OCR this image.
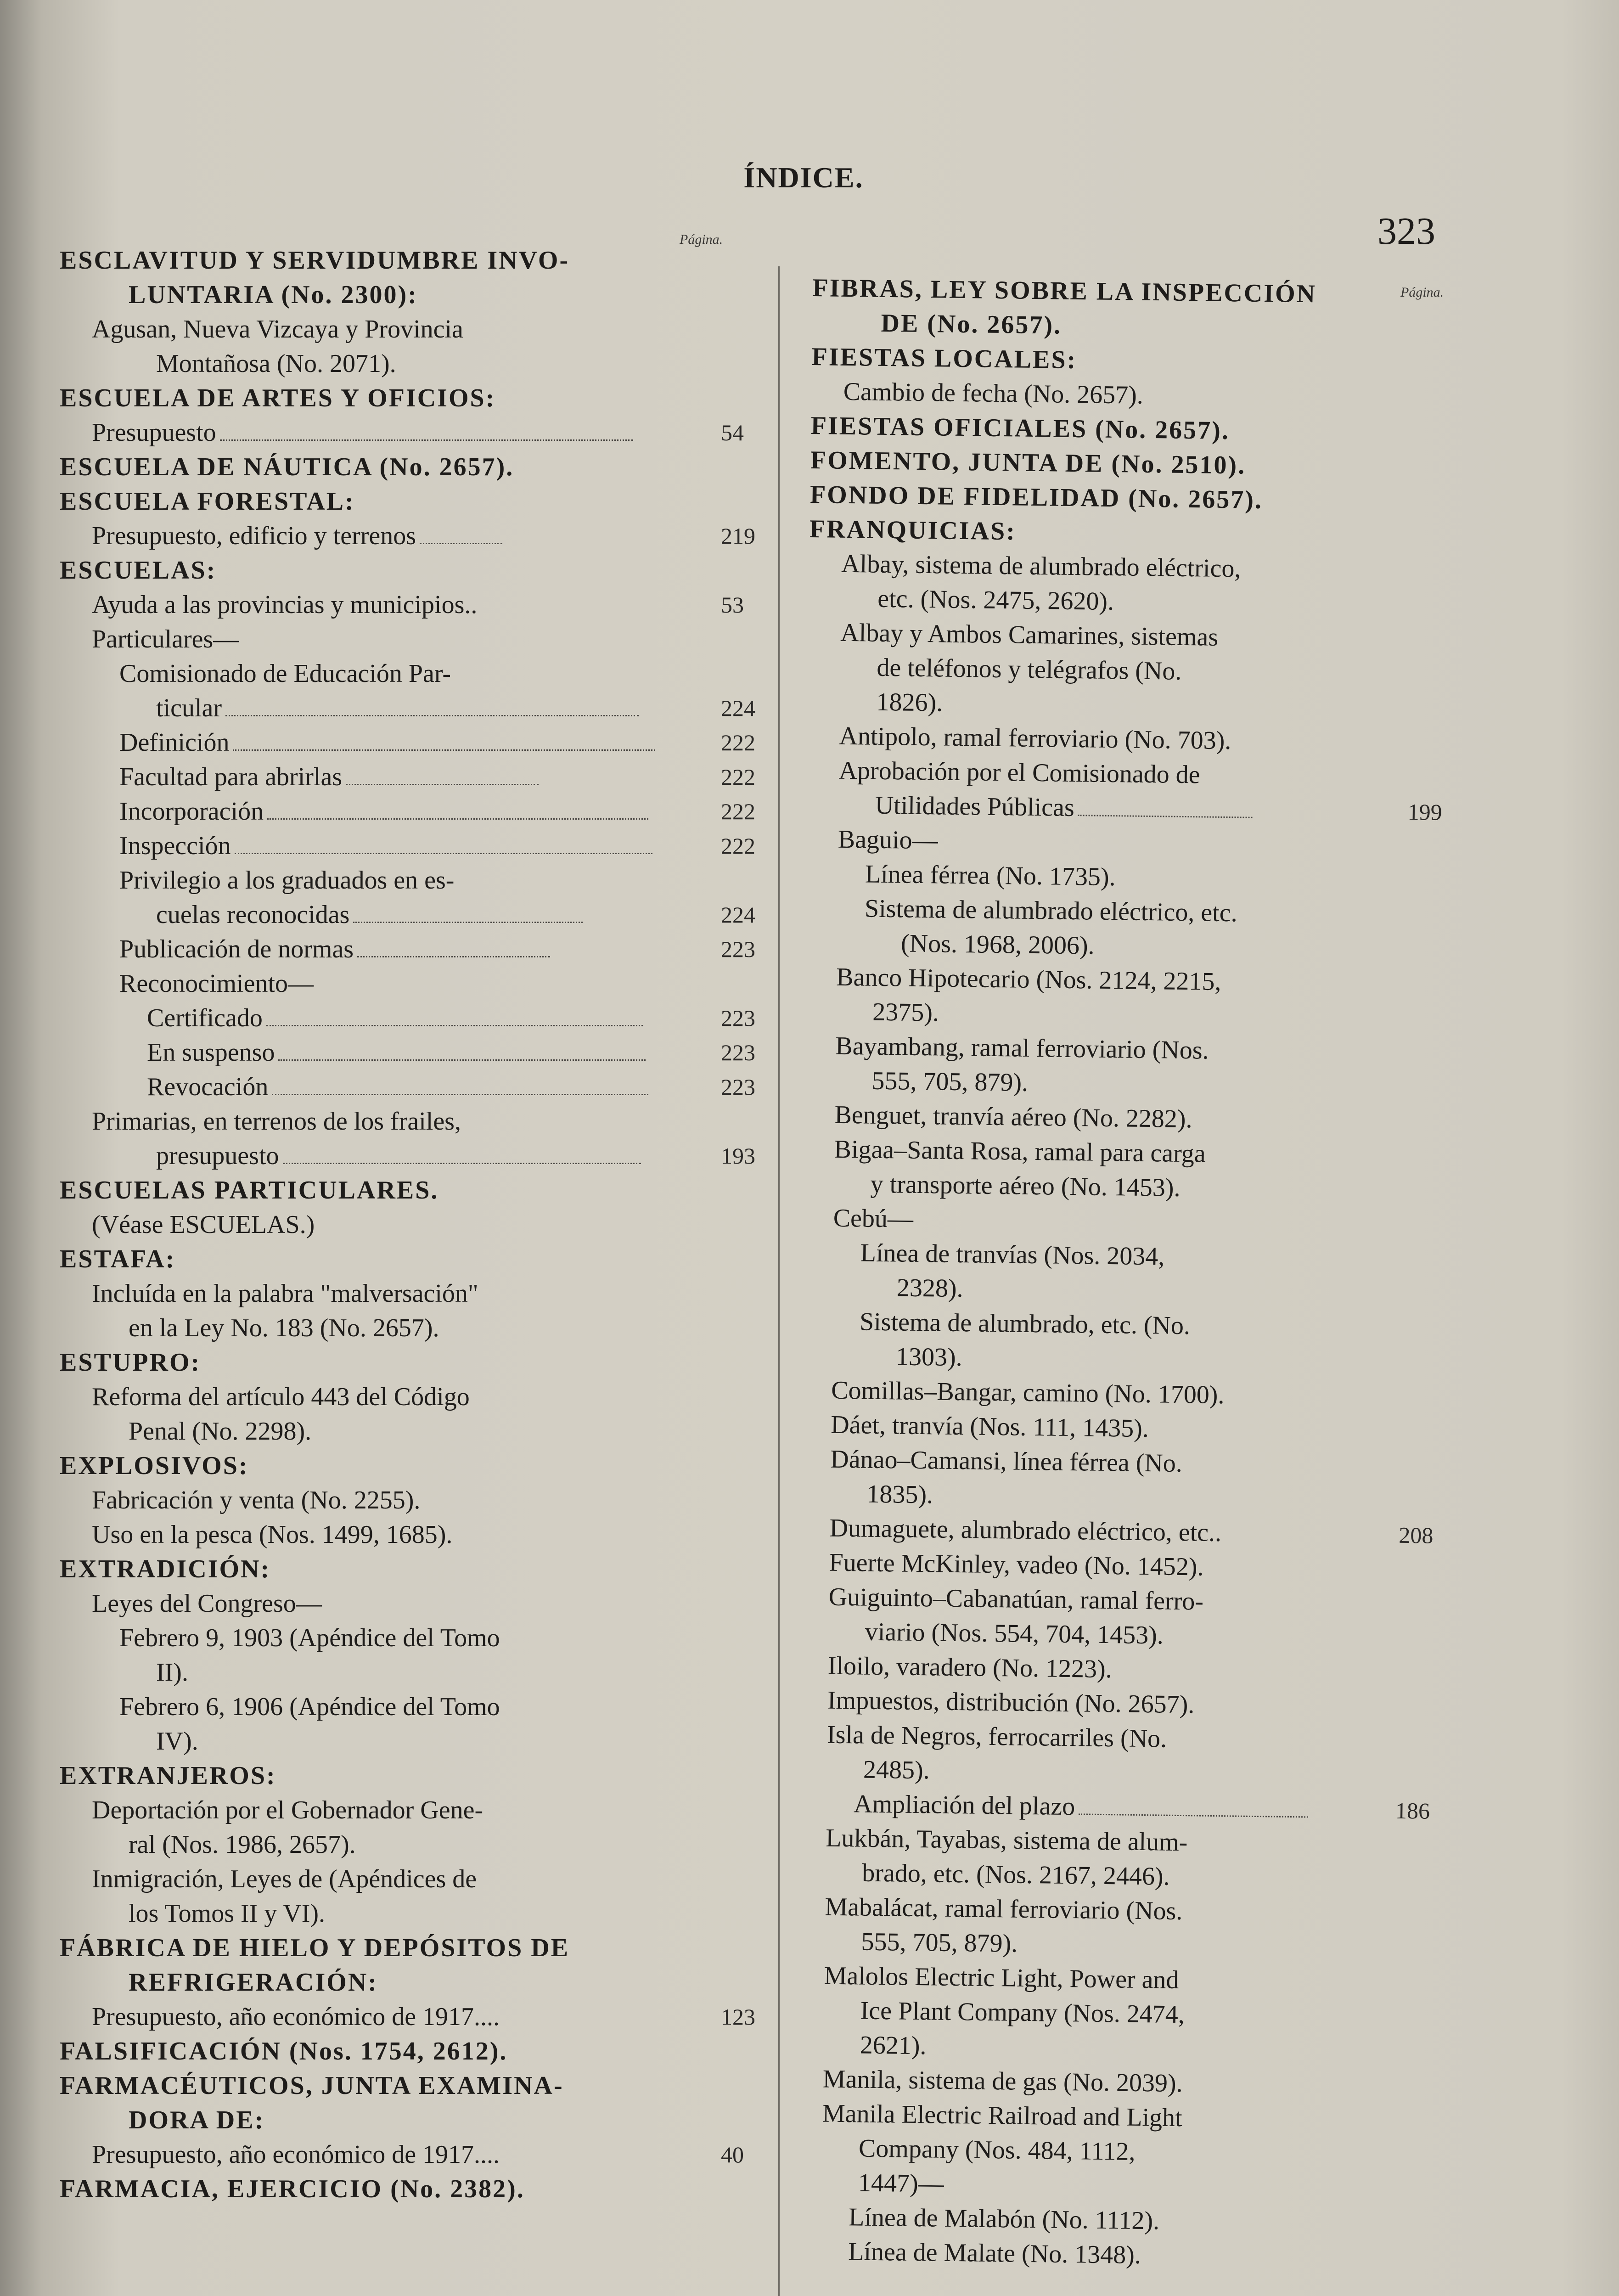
ÍNDICE.
323
Página.
Página.
ESCLAVITUD Y SERVIDUMBRE INVO-
LUNTARIA (No. 2300):
Agusan, Nueva Vizcaya y Provincia
Montañosa (No. 2071).
ESCUELA DE ARTES Y OFICIOS:
Presupuesto	54
ESCUELA DE NÁUTICA (No. 2657).
ESCUELA FORESTAL:
Presupuesto, edificio y terrenos	219
ESCUELAS:
Ayuda a las provincias y municipios..	53
Particulares—
Comisionado de Educación Par-
ticular	224
Definición	222
Facultad para abrirlas	222
Incorporación	222
Inspección	222
Privilegio a los graduados en es-
cuelas reconocidas	224
Publicación de normas	223
Reconocimiento—
Certificado	223
En suspenso	223
Revocación	223
Primarias, en terrenos de los frailes,
presupuesto	193
ESCUELAS PARTICULARES.
(Véase ESCUELAS.)
ESTAFA:
Incluída en la palabra "malversación"
en la Ley No. 183 (No. 2657).
ESTUPRO:
Reforma del artículo 443 del Código
Penal (No. 2298).
EXPLOSIVOS:
Fabricación y venta (No. 2255).
Uso en la pesca (Nos. 1499, 1685).
EXTRADICIÓN:
Leyes del Congreso—
Febrero 9, 1903 (Apéndice del Tomo
II).
Febrero 6, 1906 (Apéndice del Tomo
IV).
EXTRANJEROS:
Deportación por el Gobernador Gene-
ral (Nos. 1986, 2657).
Inmigración, Leyes de (Apéndices de
los Tomos II y VI).
FÁBRICA DE HIELO Y DEPÓSITOS DE
REFRIGERACIÓN:
Presupuesto, año económico de 1917....	123
FALSIFICACIÓN (Nos. 1754, 2612).
FARMACÉUTICOS, JUNTA EXAMINA-
DORA DE:
Presupuesto, año económico de 1917....	40
FARMACIA, EJERCICIO (No. 2382).
FIBRAS, LEY SOBRE LA INSPECCIÓN
DE (No. 2657).
FIESTAS LOCALES:
Cambio de fecha (No. 2657).
FIESTAS OFICIALES (No. 2657).
FOMENTO, JUNTA DE (No. 2510).
FONDO DE FIDELIDAD (No. 2657).
FRANQUICIAS:
Albay, sistema de alumbrado eléctrico,
etc. (Nos. 2475, 2620).
Albay y Ambos Camarines, sistemas
de teléfonos y telégrafos (No.
1826).
Antipolo, ramal ferroviario (No. 703).
Aprobación por el Comisionado de
Utilidades Públicas	199
Baguio—
Línea férrea (No. 1735).
Sistema de alumbrado eléctrico, etc.
(Nos. 1968, 2006).
Banco Hipotecario (Nos. 2124, 2215,
2375).
Bayambang, ramal ferroviario (Nos.
555, 705, 879).
Benguet, tranvía aéreo (No. 2282).
Bigaa–Santa Rosa, ramal para carga
y transporte aéreo (No. 1453).
Cebú—
Línea de tranvías (Nos. 2034,
2328).
Sistema de alumbrado, etc. (No.
1303).
Comillas–Bangar, camino (No. 1700).
Dáet, tranvía (Nos. 111, 1435).
Dánao–Camansi, línea férrea (No.
1835).
Dumaguete, alumbrado eléctrico, etc..	208
Fuerte McKinley, vadeo (No. 1452).
Guiguinto–Cabanatúan, ramal ferro-
viario (Nos. 554, 704, 1453).
Iloilo, varadero (No. 1223).
Impuestos, distribución (No. 2657).
Isla de Negros, ferrocarriles (No.
2485).
Ampliación del plazo	186
Lukbán, Tayabas, sistema de alum-
brado, etc. (Nos. 2167, 2446).
Mabalácat, ramal ferroviario (Nos.
555, 705, 879).
Malolos Electric Light, Power and
Ice Plant Company (Nos. 2474,
2621).
Manila, sistema de gas (No. 2039).
Manila Electric Railroad and Light
Company (Nos. 484, 1112,
1447)—
Línea de Malabón (No. 1112).
Línea de Malate (No. 1348).
